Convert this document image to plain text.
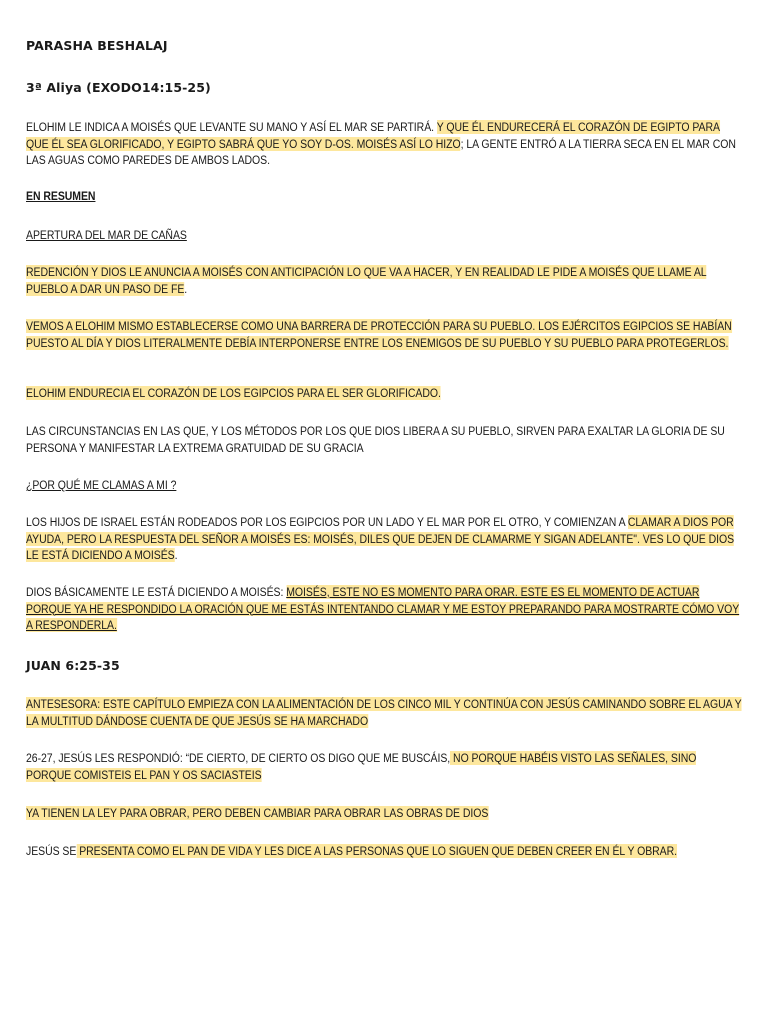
PARASHA BESHALAJ
3ª Aliya (EXODO14:15-25)

ELOHIM LE INDICA A MOISÉS QUE LEVANTE SU MANO Y ASÍ EL MAR SE PARTIRÁ. Y QUE ÉL ENDURECERÁ EL CORAZÓN DE EGIPTO PARA QUE ÉL SEA GLORIFICADO, Y EGIPTO SABRÁ QUE YO SOY D-OS. MOISÉS ASÍ LO HIZO; LA GENTE ENTRÓ A LA TIERRA SECA EN EL MAR CON LAS AGUAS COMO PAREDES DE AMBOS LADOS.

EN RESUMEN

APERTURA DEL MAR DE CAÑAS

REDENCIÓN Y DIOS LE ANUNCIA A MOISÉS CON ANTICIPACIÓN LO QUE VA A HACER, Y EN REALIDAD LE PIDE A MOISÉS QUE LLAME AL PUEBLO A DAR UN PASO DE FE.

VEMOS A ELOHIM MISMO ESTABLECERSE COMO UNA BARRERA DE PROTECCIÓN PARA SU PUEBLO. LOS EJÉRCITOS EGIPCIOS SE HABÍAN PUESTO AL DÍA Y DIOS LITERALMENTE DEBÍA INTERPONERSE ENTRE LOS ENEMIGOS DE SU PUEBLO Y SU PUEBLO PARA PROTEGERLOS.

ELOHIM ENDURECIA EL CORAZÓN DE LOS EGIPCIOS PARA EL SER GLORIFICADO.

LAS CIRCUNSTANCIAS EN LAS QUE, Y LOS MÉTODOS POR LOS QUE DIOS LIBERA A SU PUEBLO, SIRVEN PARA EXALTAR LA GLORIA DE SU PERSONA Y MANIFESTAR LA EXTREMA GRATUIDAD DE SU GRACIA

¿POR QUÉ ME CLAMAS A MI ?

LOS HIJOS DE ISRAEL ESTÁN RODEADOS POR LOS EGIPCIOS POR UN LADO Y EL MAR POR EL OTRO, Y COMIENZAN A CLAMAR A DIOS POR AYUDA, PERO LA RESPUESTA DEL SEÑOR A MOISÉS ES: MOISÉS, DILES QUE DEJEN DE CLAMARME Y SIGAN ADELANTE". VES LO QUE DIOS LE ESTÁ DICIENDO A MOISÉS.

DIOS BÁSICAMENTE LE ESTÁ DICIENDO A MOISÉS: MOISÉS, ESTE NO ES MOMENTO PARA ORAR. ESTE ES EL MOMENTO DE ACTUAR PORQUE YA HE RESPONDIDO LA ORACIÓN QUE ME ESTÁS INTENTANDO CLAMAR Y ME ESTOY PREPARANDO PARA MOSTRARTE CÓMO VOY A RESPONDERLA.

JUAN 6:25-35

ANTESESORA: ESTE CAPÍTULO EMPIEZA CON LA ALIMENTACIÓN DE LOS CINCO MIL Y CONTINÚA CON JESÚS CAMINANDO SOBRE EL AGUA Y LA MULTITUD DÁNDOSE CUENTA DE QUE JESÚS SE HA MARCHADO

26-27, JESÚS LES RESPONDIÓ: “DE CIERTO, DE CIERTO OS DIGO QUE ME BUSCÁIS, NO PORQUE HABÉIS VISTO LAS SEÑALES, SINO PORQUE COMISTEIS EL PAN Y OS SACIASTEIS

YA TIENEN LA LEY PARA OBRAR, PERO DEBEN CAMBIAR PARA OBRAR LAS OBRAS DE DIOS

JESÚS SE PRESENTA COMO EL PAN DE VIDA Y LES DICE A LAS PERSONAS QUE LO SIGUEN QUE DEBEN CREER EN ÉL Y OBRAR.
